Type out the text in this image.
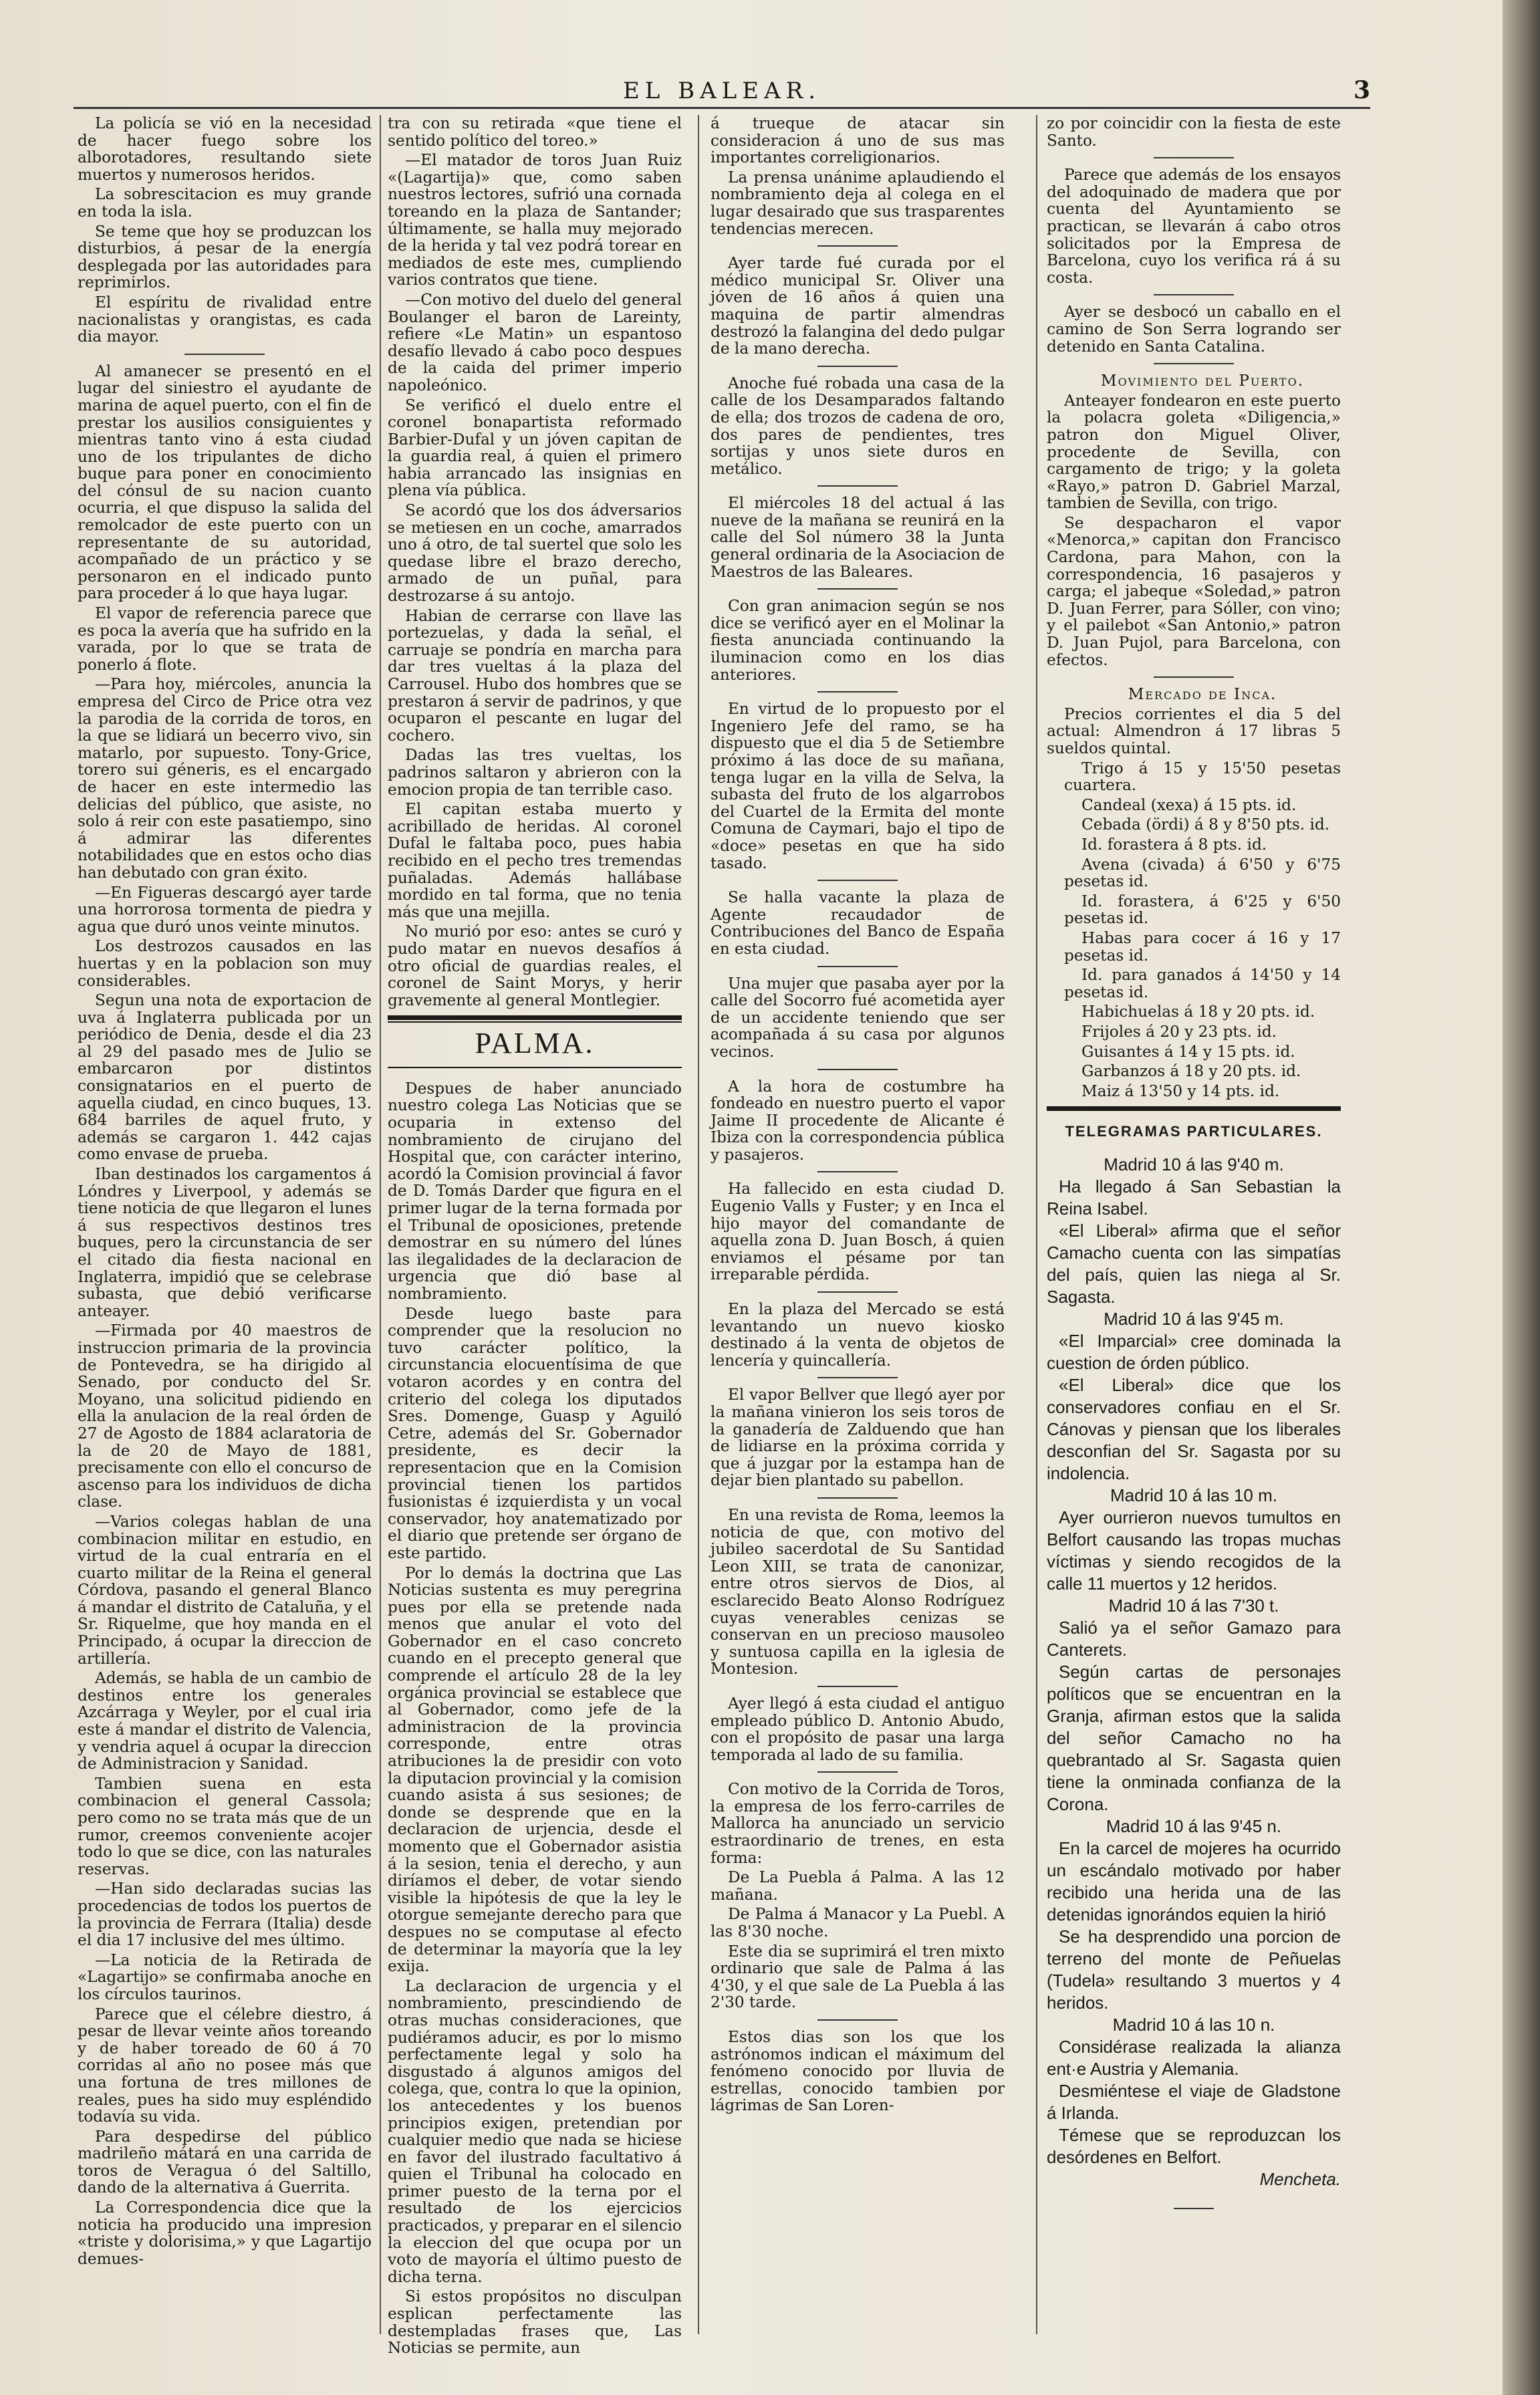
EL BALEAR.	3

La policía se vió en la necesidad de hacer fuego sobre los alborotadores, resultando siete muertos y numerosos heridos.

La sobrescitacion es muy grande en toda la isla.

Se teme que hoy se produzcan los disturbios, á pesar de la energía desplegada por las autoridades para reprimirlos.

El espíritu de rivalidad entre nacionalistas y orangistas, es cada dia mayor.

Al amanecer se presentó en el lugar del siniestro el ayudante de marina de aquel puerto, con el fin de prestar los ausilios consiguientes y mientras tanto vino á esta ciudad uno de los tripulantes de dicho buque para poner en conocimiento del cónsul de su nacion cuanto ocurria, el que dispuso la salida del remolcador de este puerto con un representante de su autoridad, acompañado de un práctico y se personaron en el indicado punto para proceder á lo que haya lugar.

El vapor de referencia parece que es poca la avería que ha sufrido en la varada, por lo que se trata de ponerlo á flote.

—Para hoy, miércoles, anuncia la empresa del Circo de Price otra vez la parodia de la corrida de toros, en la que se lidiará un becerro vivo, sin matarlo, por supuesto. Tony-Grice, torero sui géneris, es el encargado de hacer en este intermedio las delicias del público, que asiste, no solo á reir con este pasatiempo, sino á admirar las diferentes notabilidades que en estos ocho dias han debutado con gran éxito.

—En Figueras descargó ayer tarde una horrorosa tormenta de piedra y agua que duró unos veinte minutos.

Los destrozos causados en las huertas y en la poblacion son muy considerables.

Segun una nota de exportacion de uva á Inglaterra publicada por un periódico de Denia, desde el dia 23 al 29 del pasado mes de Julio se embarcaron por distintos consignatarios en el puerto de aquella ciudad, en cinco buques, 13. 684 barriles de aquel fruto, y además se cargaron 1. 442 cajas como envase de prueba.

Iban destinados los cargamentos á Lóndres y Liverpool, y además se tiene noticia de que llegaron el lunes á sus respectivos destinos tres buques, pero la circunstancia de ser el citado dia fiesta nacional en Inglaterra, impidió que se celebrase subasta, que debió verificarse anteayer.

—Firmada por 40 maestros de instruccion primaria de la provincia de Pontevedra, se ha dirigido al Senado, por conducto del Sr. Moyano, una solicitud pidiendo en ella la anulacion de la real órden de 27 de Agosto de 1884 aclaratoria de la de 20 de Mayo de 1881, precisamente con ello el concurso de ascenso para los individuos de dicha clase.

—Varios colegas hablan de una combinacion militar en estudio, en virtud de la cual entraría en el cuarto militar de la Reina el general Córdova, pasando el general Blanco á mandar el distrito de Cataluña, y el Sr. Riquelme, que hoy manda en el Principado, á ocupar la direccion de artillería.

Además, se habla de un cambio de destinos entre los generales Azcárraga y Weyler, por el cual iria este á mandar el distrito de Valencia, y vendria aquel á ocupar la direccion de Administracion y Sanidad.

Tambien suena en esta combinacion el general Cassola; pero como no se trata más que de un rumor, creemos conveniente acojer todo lo que se dice, con las naturales reservas.

—Han sido declaradas sucias las procedencias de todos los puertos de la provincia de Ferrara (Italia) desde el dia 17 inclusive del mes último.

—La noticia de la Retirada de «Lagartijo» se confirmaba anoche en los círculos taurinos.

Parece que el célebre diestro, á pesar de llevar veinte años toreando y de haber toreado de 60 á 70 corridas al año no posee más que una fortuna de tres millones de reales, pues ha sido muy espléndido todavía su vida.

Para despedirse del público madrileño mátará en una carrida de toros de Veragua ó del Saltillo, dando de la alternativa á Guerrita.

La Correspondencia dice que la noticia ha producido una impresion «triste y dolorisima,» y que Lagartijo demues-

tra con su retirada «que tiene el sentido político del toreo.»

—El matador de toros Juan Ruiz «(Lagartija)» que, como saben nuestros lectores, sufrió una cornada toreando en la plaza de Santander; últimamente, se halla muy mejorado de la herida y tal vez podrá torear en mediados de este mes, cumpliendo varios contratos que tiene.

—Con motivo del duelo del general Boulanger el baron de Lareinty, refiere «Le Matin» un espantoso desafío llevado á cabo poco despues de la caida del primer imperio napoleónico.

Se verificó el duelo entre el coronel bonapartista reformado Barbier-Dufal y un jóven capitan de la guardia real, á quien el primero habia arrancado las insignias en plena vía pública.

Se acordó que los dos ádversarios se metiesen en un coche, amarrados uno á otro, de tal suertel que solo les quedase libre el brazo derecho, armado de un puñal, para destrozarse á su antojo.

Habian de cerrarse con llave las portezuelas, y dada la señal, el carruaje se pondría en marcha para dar tres vueltas á la plaza del Carrousel. Hubo dos hombres que se prestaron á servir de padrinos, y que ocuparon el pescante en lugar del cochero.

Dadas las tres vueltas, los padrinos saltaron y abrieron con la emocion propia de tan terrible caso.

El capitan estaba muerto y acribillado de heridas. Al coronel Dufal le faltaba poco, pues habia recibido en el pecho tres tremendas puñaladas. Además hallábase mordido en tal forma, que no tenia más que una mejilla.

No murió por eso: antes se curó y pudo matar en nuevos desafíos á otro oficial de guardias reales, el coronel de Saint Morys, y herir gravemente al general Montlegier.

PALMA.

Despues de haber anunciado nuestro colega Las Noticias que se ocuparia in extenso del nombramiento de cirujano del Hospital que, con carácter interino, acordó la Comision provincial á favor de D. Tomás Darder que figura en el primer lugar de la terna formada por el Tribunal de oposiciones, pretende demostrar en su número del lúnes las ilegalidades de la declaracion de urgencia que dió base al nombramiento.

Desde luego baste para comprender que la resolucion no tuvo carácter político, la circunstancia elocuentísima de que votaron acordes y en contra del criterio del colega los diputados Sres. Domenge, Guasp y Aguiló Cetre, además del Sr. Gobernador presidente, es decir la representacion que en la Comision provincial tienen los partidos fusionistas é izquierdista y un vocal conservador, hoy anatematizado por el diario que pretende ser órgano de este partido.

Por lo demás la doctrina que Las Noticias sustenta es muy peregrina pues por ella se pretende nada menos que anular el voto del Gobernador en el caso concreto cuando en el precepto general que comprende el artículo 28 de la ley orgánica provincial se establece que al Gobernador, como jefe de la administracion de la provincia corresponde, entre otras atribuciones la de presidir con voto la diputacion provincial y la comision cuando asista á sus sesiones; de donde se desprende que en la declaracion de urjencia, desde el momento que el Gobernador asistia á la sesion, tenia el derecho, y aun diríamos el deber, de votar siendo visible la hipótesis de que la ley le otorgue semejante derecho para que despues no se computase al efecto de determinar la mayoría que la ley exija.

La declaracion de urgencia y el nombramiento, prescindiendo de otras muchas consideraciones, que pudiéramos aducir, es por lo mismo perfectamente legal y solo ha disgustado á algunos amigos del colega, que, contra lo que la opinion, los antecedentes y los buenos principios exigen, pretendian por cualquier medio que nada se hiciese en favor del ilustrado facultativo á quien el Tribunal ha colocado en primer puesto de la terna por el resultado de los ejercicios practicados, y preparar en el silencio la eleccion del que ocupa por un voto de mayoría el último puesto de dicha terna.

Si estos propósitos no disculpan esplican perfectamente las destempladas frases que, Las Noticias se permite, aun

á trueque de atacar sin consideracion á uno de sus mas importantes correligionarios.

La prensa unánime aplaudiendo el nombramiento deja al colega en el lugar desairado que sus trasparentes tendencias merecen.

Ayer tarde fué curada por el médico municipal Sr. Oliver una jóven de 16 años á quien una maquina de partir almendras destrozó la falangina del dedo pulgar de la mano derecha.

Anoche fué robada una casa de la calle de los Desamparados faltando de ella; dos trozos de cadena de oro, dos pares de pendientes, tres sortijas y unos siete duros en metálico.

El miércoles 18 del actual á las nueve de la mañana se reunirá en la calle del Sol número 38 la Junta general ordinaria de la Asociacion de Maestros de las Baleares.

Con gran animacion según se nos dice se verificó ayer en el Molinar la fiesta anunciada continuando la iluminacion como en los dias anteriores.

En virtud de lo propuesto por el Ingeniero Jefe del ramo, se ha dispuesto que el dia 5 de Setiembre próximo á las doce de su mañana, tenga lugar en la villa de Selva, la subasta del fruto de los algarrobos del Cuartel de la Ermita del monte Comuna de Caymari, bajo el tipo de «doce» pesetas en que ha sido tasado.

Se halla vacante la plaza de Agente recaudador de Contribuciones del Banco de España en esta ciudad.

Una mujer que pasaba ayer por la calle del Socorro fué acometida ayer de un accidente teniendo que ser acompañada á su casa por algunos vecinos.

A la hora de costumbre ha fondeado en nuestro puerto el vapor Jaime II procedente de Alicante é Ibiza con la correspondencia pública y pasajeros.

Ha fallecido en esta ciudad D. Eugenio Valls y Fuster; y en Inca el hijo mayor del comandante de aquella zona D. Juan Bosch, á quien enviamos el pésame por tan irreparable pérdida.

En la plaza del Mercado se está levantando un nuevo kiosko destinado á la venta de objetos de lencería y quincallería.

El vapor Bellver que llegó ayer por la mañana vinieron los seis toros de la ganadería de Zalduendo que han de lidiarse en la próxima corrida y que á juzgar por la estampa han de dejar bien plantado su pabellon.

En una revista de Roma, leemos la noticia de que, con motivo del jubileo sacerdotal de Su Santidad Leon XIII, se trata de canonizar, entre otros siervos de Dios, al esclarecido Beato Alonso Rodríguez cuyas venerables cenizas se conservan en un precioso mausoleo y suntuosa capilla en la iglesia de Montesion.

Ayer llegó á esta ciudad el antiguo empleado público D. Antonio Abudo, con el propósito de pasar una larga temporada al lado de su familia.

Con motivo de la Corrida de Toros, la empresa de los ferro-carriles de Mallorca ha anunciado un servicio estraordinario de trenes, en esta forma:

De La Puebla á Palma. A las 12 mañana.

De Palma á Manacor y La Puebl. A las 8'30 noche.

Este dia se suprimirá el tren mixto ordinario que sale de Palma á las 4'30, y el que sale de La Puebla á las 2'30 tarde.

Estos dias son los que los astrónomos indican el máximum del fenómeno conocido por lluvia de estrellas, conocido tambien por lágrimas de San Loren-

zo por coincidir con la fiesta de este Santo.

Parece que además de los ensayos del adoquinado de madera que por cuenta del Ayuntamiento se practican, se llevarán á cabo otros solicitados por la Empresa de Barcelona, cuyo los verifica rá á su costa.

Ayer se desbocó un caballo en el camino de Son Serra logrando ser detenido en Santa Catalina.

Movimiento del Puerto.

Anteayer fondearon en este puerto la polacra goleta «Diligencia,» patron don Miguel Oliver, procedente de Sevilla, con cargamento de trigo; y la goleta «Rayo,» patron D. Gabriel Marzal, tambien de Sevilla, con trigo.

Se despacharon el vapor «Menorca,» capitan don Francisco Cardona, para Mahon, con la correspondencia, 16 pasajeros y carga; el jabeque «Soledad,» patron D. Juan Ferrer, para Sóller, con vino; y el pailebot «San Antonio,» patron D. Juan Pujol, para Barcelona, con efectos.

Mercado de Inca.

Precios corrientes el dia 5 del actual: Almendron á 17 libras 5 sueldos quintal.

Trigo á 15 y 15'50 pesetas cuartera.

Candeal (xexa) á 15 pts. id.

Cebada (ördi) á 8 y 8'50 pts. id.

Id. forastera á 8 pts. id.

Avena (civada) á 6'50 y 6'75 pesetas id.

Id. forastera, á 6'25 y 6'50 pesetas id.

Habas para cocer á 16 y 17 pesetas id.

Id. para ganados á 14'50 y 14 pesetas id.

Habichuelas á 18 y 20 pts. id.

Frijoles á 20 y 23 pts. id.

Guisantes á 14 y 15 pts. id.

Garbanzos á 18 y 20 pts. id.

Maiz á 13'50 y 14 pts. id.

TELEGRAMAS PARTICULARES.

Madrid 10 á las 9'40 m.

Ha llegado á San Sebastian la Reina Isabel.

«El Liberal» afirma que el señor Camacho cuenta con las simpatías del país, quien las niega al Sr. Sagasta.

Madrid 10 á las 9'45 m.

«El Imparcial» cree dominada la cuestion de órden público.

«El Liberal» dice que los conservadores confiau en el Sr. Cánovas y piensan que los liberales desconfian del Sr. Sagasta por su indolencia.

Madrid 10 á las 10 m.

Ayer ourrieron nuevos tumultos en Belfort causando las tropas muchas víctimas y siendo recogidos de la calle 11 muertos y 12 heridos.

Madrid 10 á las 7'30 t.

Salió ya el señor Gamazo para Canterets.

Según cartas de personajes políticos que se encuentran en la Granja, afirman estos que la salida del señor Camacho no ha quebrantado al Sr. Sagasta quien tiene la onminada confianza de la Corona.

Madrid 10 á las 9'45 n.

En la carcel de mojeres ha ocurrido un escándalo motivado por haber recibido una herida una de las detenidas ignorándos equien la hirió

Se ha desprendido una porcion de terreno del monte de Peñuelas (Tudela» resultando 3 muertos y 4 heridos.

Madrid 10 á las 10 n.

Considérase realizada la alianza ent·e Austria y Alemania.

Desmiéntese el viaje de Gladstone á Irlanda.

Témese que se reproduzcan los desórdenes en Belfort.

Mencheta.
